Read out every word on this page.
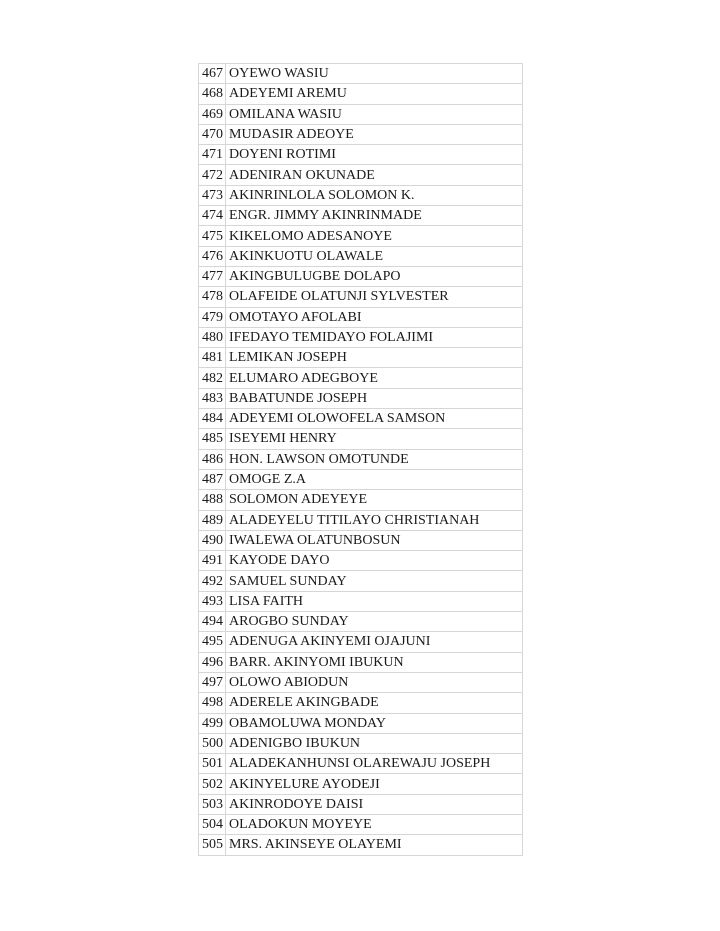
467	OYEWO WASIU
468	ADEYEMI AREMU
469	OMILANA WASIU
470	MUDASIR ADEOYE
471	DOYENI ROTIMI
472	ADENIRAN OKUNADE
473	AKINRINLOLA SOLOMON K.
474	ENGR. JIMMY AKINRINMADE
475	KIKELOMO ADESANOYE
476	AKINKUOTU OLAWALE
477	AKINGBULUGBE DOLAPO
478	OLAFEIDE OLATUNJI SYLVESTER
479	OMOTAYO AFOLABI
480	IFEDAYO TEMIDAYO FOLAJIMI
481	LEMIKAN JOSEPH
482	ELUMARO ADEGBOYE
483	BABATUNDE JOSEPH
484	ADEYEMI OLOWOFELA SAMSON
485	ISEYEMI HENRY
486	HON. LAWSON OMOTUNDE
487	OMOGE Z.A
488	SOLOMON ADEYEYE
489	ALADEYELU TITILAYO CHRISTIANAH
490	IWALEWA OLATUNBOSUN
491	KAYODE DAYO
492	SAMUEL SUNDAY
493	LISA FAITH
494	AROGBO SUNDAY
495	ADENUGA AKINYEMI OJAJUNI
496	BARR. AKINYOMI IBUKUN
497	OLOWO ABIODUN
498	ADERELE AKINGBADE
499	OBAMOLUWA MONDAY
500	ADENIGBO IBUKUN
501	ALADEKANHUNSI OLAREWAJU JOSEPH
502	AKINYELURE AYODEJI
503	AKINRODOYE DAISI
504	OLADOKUN MOYEYE
505	MRS. AKINSEYE OLAYEMI
